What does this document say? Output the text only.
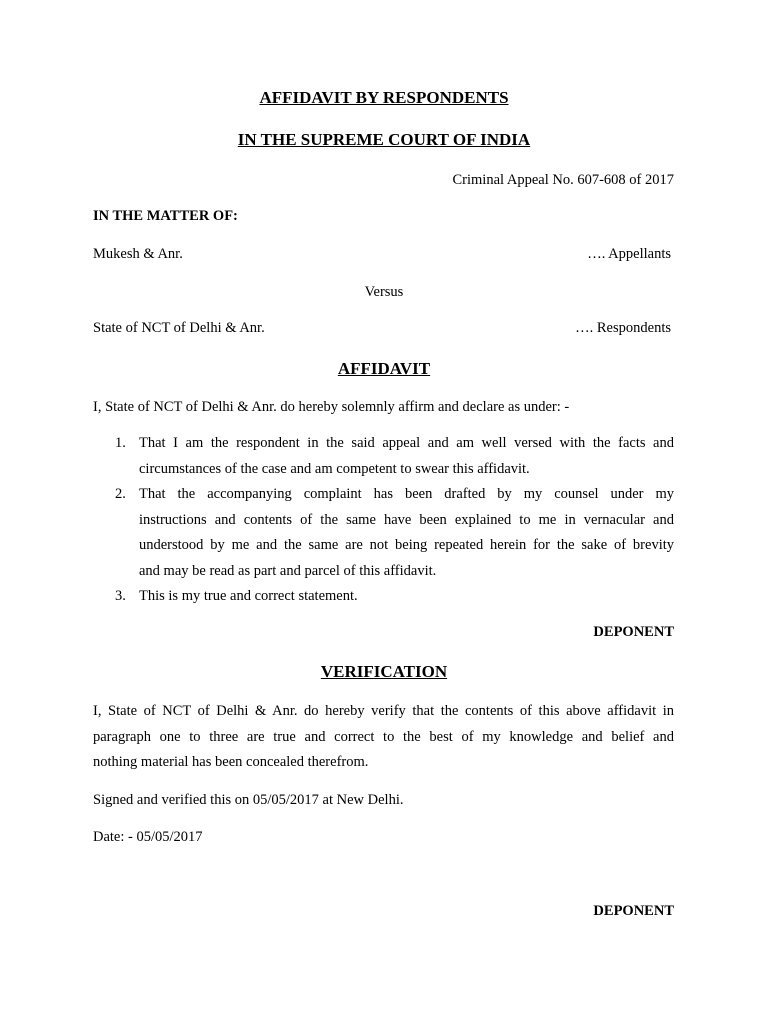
AFFIDAVIT BY RESPONDENTS
IN THE SUPREME COURT OF INDIA
Criminal Appeal No. 607-608 of 2017
IN THE MATTER OF:
Mukesh & Anr.	…. Appellants
Versus
State of NCT of Delhi & Anr.	…. Respondents
AFFIDAVIT
I, State of NCT of Delhi & Anr. do hereby solemnly affirm and declare as under: -
1. That I am the respondent in the said appeal and am well versed with the facts and
circumstances of the case and am competent to swear this affidavit.
2. That the accompanying complaint has been drafted by my counsel under my
instructions and contents of the same have been explained to me in vernacular and
understood by me and the same are not being repeated herein for the sake of brevity
and may be read as part and parcel of this affidavit.
3. This is my true and correct statement.
DEPONENT
VERIFICATION
I, State of NCT of Delhi & Anr. do hereby verify that the contents of this above affidavit in
paragraph one to three are true and correct to the best of my knowledge and belief and
nothing material has been concealed therefrom.
Signed and verified this on 05/05/2017 at New Delhi.
Date: - 05/05/2017
DEPONENT
